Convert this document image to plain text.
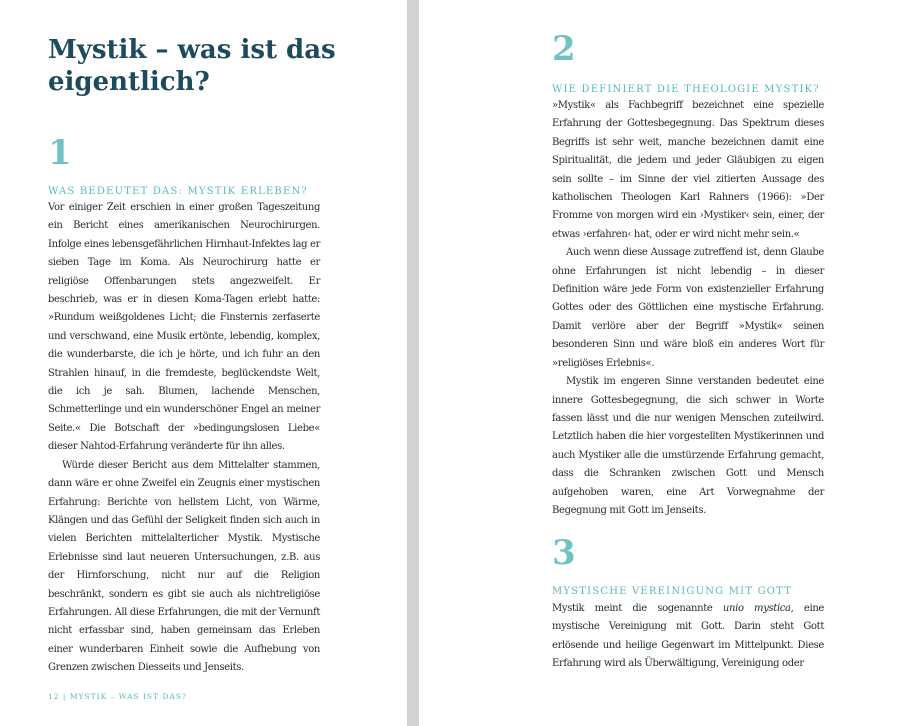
Mystik – was ist das eigentlich?
1
WAS BEDEUTET DAS: MYSTIK ERLEBEN?

Vor einiger Zeit erschien in einer großen Tageszeitung ein Bericht eines amerikanischen Neurochirurgen. Infolge eines lebensgefährlichen Hirnhaut-Infektes lag er sieben Tage im Koma. Als Neurochirurg hatte er religiöse Offenbarungen stets angezweifelt. Er beschrieb, was er in diesen Koma-Tagen erlebt hatte: »Rundum weißgoldenes Licht; die Finsternis zerfaserte und verschwand, eine Musik ertönte, lebendig, komplex, die wunderbarste, die ich je hörte, und ich fuhr an den Strahlen hinauf, in die fremdeste, beglückendste Welt, die ich je sah. Blumen, lachende Menschen, Schmetterlinge und ein wunderschöner Engel an meiner Seite.« Die Botschaft der »bedingungslosen Liebe« dieser Nahtod-Erfahrung veränderte für ihn alles.

Würde dieser Bericht aus dem Mittelalter stammen, dann wäre er ohne Zweifel ein Zeugnis einer mystischen Erfahrung: Berichte von hellstem Licht, von Wärme, Klängen und das Gefühl der Seligkeit finden sich auch in vielen Berichten mittelalterlicher Mystik. Mystische Erlebnisse sind laut neueren Untersuchungen, z.B. aus der Hirnforschung, nicht nur auf die Religion beschränkt, sondern es gibt sie auch als nichtreligiöse Erfahrungen. All diese Erfahrungen, die mit der Vernunft nicht erfassbar sind, haben gemeinsam das Erleben einer wunderbaren Einheit sowie die Aufhebung von Grenzen zwischen Diesseits und Jenseits.

12 | MYSTIK – WAS IST DAS?
2
WIE DEFINIERT DIE THEOLOGIE MYSTIK?

»Mystik« als Fachbegriff bezeichnet eine spezielle Erfahrung der Gottesbegegnung. Das Spektrum dieses Begriffs ist sehr weit, manche bezeichnen damit eine Spiritualität, die jedem und jeder Gläubigen zu eigen sein sollte – im Sinne der viel zitierten Aussage des katholischen Theologen Karl Rahners (1966): »Der Fromme von morgen wird ein ›Mystiker‹ sein, einer, der etwas ›erfahren‹ hat, oder er wird nicht mehr sein.«

Auch wenn diese Aussage zutreffend ist, denn Glaube ohne Erfahrungen ist nicht lebendig – in dieser Definition wäre jede Form von existenzieller Erfahrung Gottes oder des Göttlichen eine mystische Erfahrung. Damit verlöre aber der Begriff »Mystik« seinen besonderen Sinn und wäre bloß ein anderes Wort für »religiöses Erlebnis«.

Mystik im engeren Sinne verstanden bedeutet eine innere Gottesbegegnung, die sich schwer in Worte fassen lässt und die nur wenigen Menschen zuteilwird. Letztlich haben die hier vorgestellten Mystikerinnen und auch Mystiker alle die umstürzende Erfahrung gemacht, dass die Schranken zwischen Gott und Mensch aufgehoben waren, eine Art Vorwegnahme der Begegnung mit Gott im Jenseits.

3
MYSTISCHE VEREINIGUNG MIT GOTT

Mystik meint die sogenannte unio mystica, eine mystische Vereinigung mit Gott. Darin steht Gott erlösende und heilige Gegenwart im Mittelpunkt. Diese Erfahrung wird als Überwältigung, Vereinigung oder
